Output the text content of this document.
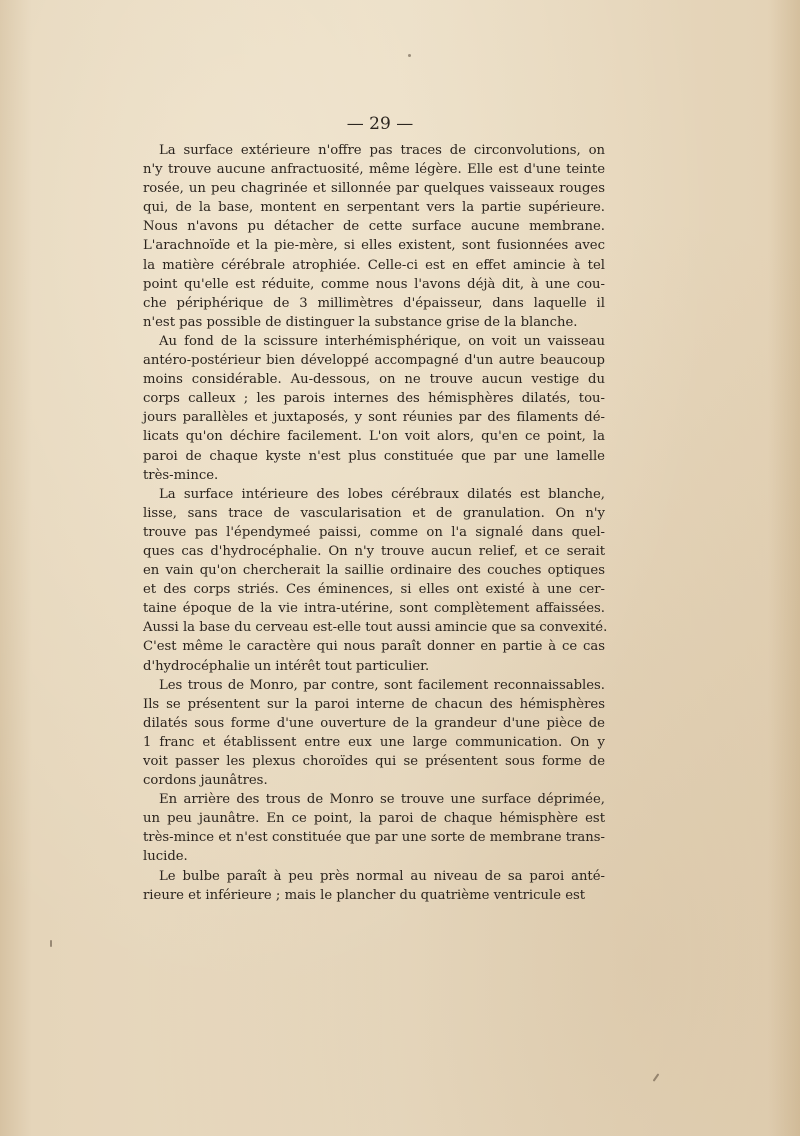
— 29 —
La surface extérieure n'offre pas traces de circonvolutions, on
n'y trouve aucune anfractuosité, même légère. Elle est d'une teinte
rosée, un peu chagrinée et sillonnée par quelques vaisseaux rouges
qui, de la base, montent en serpentant vers la partie supérieure.
Nous n'avons pu détacher de cette surface aucune membrane.
L'arachnoïde et la pie-mère, si elles existent, sont fusionnées avec
la matière cérébrale atrophiée. Celle-ci est en effet amincie à tel
point qu'elle est réduite, comme nous l'avons déjà dit, à une cou-
che périphérique de 3 millimètres d'épaisseur, dans laquelle il
n'est pas possible de distinguer la substance grise de la blanche.
Au fond de la scissure interhémisphérique, on voit un vaisseau
antéro-postérieur bien développé accompagné d'un autre beaucoup
moins considérable. Au-dessous, on ne trouve aucun vestige du
corps calleux ; les parois internes des hémisphères dilatés, tou-
jours parallèles et juxtaposés, y sont réunies par des filaments dé-
licats qu'on déchire facilement. L'on voit alors, qu'en ce point, la
paroi de chaque kyste n'est plus constituée que par une lamelle
très-mince.
La surface intérieure des lobes cérébraux dilatés est blanche,
lisse, sans trace de vascularisation et de granulation. On n'y
trouve pas l'épendymeé paissi, comme on l'a signalé dans quel-
ques cas d'hydrocéphalie. On n'y trouve aucun relief, et ce serait
en vain qu'on chercherait la saillie ordinaire des couches optiques
et des corps striés. Ces éminences, si elles ont existé à une cer-
taine époque de la vie intra-utérine, sont complètement affaissées.
Aussi la base du cerveau est-elle tout aussi amincie que sa convexité.
C'est même le caractère qui nous paraît donner en partie à ce cas
d'hydrocéphalie un intérêt tout particulier.
Les trous de Monro, par contre, sont facilement reconnaissables.
Ils se présentent sur la paroi interne de chacun des hémisphères
dilatés sous forme d'une ouverture de la grandeur d'une pièce de
1 franc et établissent entre eux une large communication. On y
voit passer les plexus choroïdes qui se présentent sous forme de
cordons jaunâtres.
En arrière des trous de Monro se trouve une surface déprimée,
un peu jaunâtre. En ce point, la paroi de chaque hémisphère est
très-mince et n'est constituée que par une sorte de membrane trans-
lucide.
Le bulbe paraît à peu près normal au niveau de sa paroi anté-
rieure et inférieure ; mais le plancher du quatrième ventricule est
